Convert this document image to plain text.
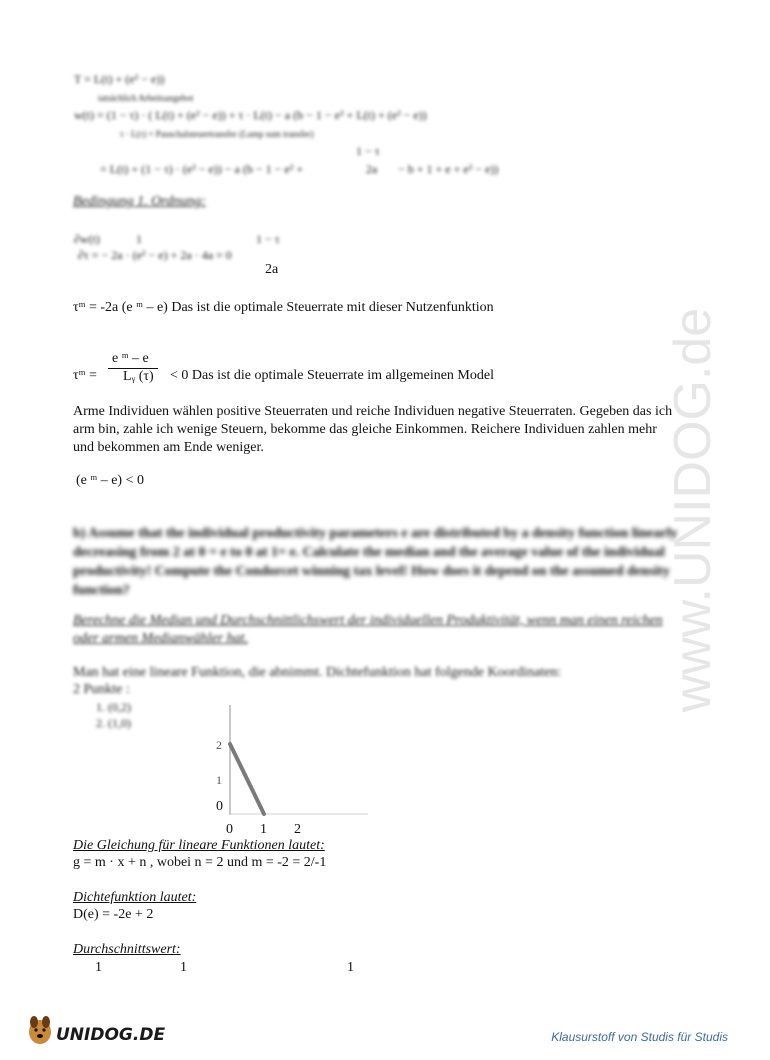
T = L(t) + (e² − e))
tatsächlich Arbeitsangebot
w(t) = (1 − τ) · ( L(t) + (e² − e)) + τ · L(t) − a (b − 1 − e² + L(t) + (e² − e))
τ · L(τ) = Pauschalsteuertransfer (Lump sum transfer)
1 − τ
= L(t) + (1 − τ) · (e² − e)) − a (b − 1 − e² +	2a − b + 1 + e + e² − e))
Bedingung 1. Ordnung:
∂w(t)	1	1 − τ
∂τ = − 2a · (e² − e) + 2a · 4a = 0
2a
τᵐ = -2a (e ᵐ – e) Das ist die optimale Steuerrate mit dieser Nutzenfunktion
e ᵐ – e
τᵐ = Lᵧ (τ) < 0 Das ist die optimale Steuerrate im allgemeinen Model
Arme Individuen wählen positive Steuerraten und reiche Individuen negative Steuerraten. Gegeben das ich arm bin, zahle ich wenige Steuern, bekomme das gleiche Einkommen. Reichere Individuen zahlen mehr und bekommen am Ende weniger.
(e ᵐ – e) < 0
b) Assume that the individual productivity parameters e are distributed by a density function linearly decreasing from 2 at 0 = e to 0 at 1= e. Calculate the median and the average value of the individual productivity! Compute the Condorcet winning tax level! How does it depend on the assumed density function?
Berechne die Median und Durchschnittlichswert der individuellen Produktivität, wenn man einen reichen oder armen Medianwähler hat.
Man hat eine lineare Funktion, die abnimmt. Dichtefunktion hat folgende Koordinaten:
2 Punkte :
1. (0,2)
2. (1,0)
0
1
2
0 1 2
Die Gleichung für lineare Funktionen lautet:
g = m · x + n , wobei n = 2 und m = -2 = 2/-1
Dichtefunktion lautet:
D(e) = -2e + 2
Durchschnittswert:
1	1	1
www.UNIDOG.de
UNIDOG.DE	Klausurstoff von Studis für Studis
